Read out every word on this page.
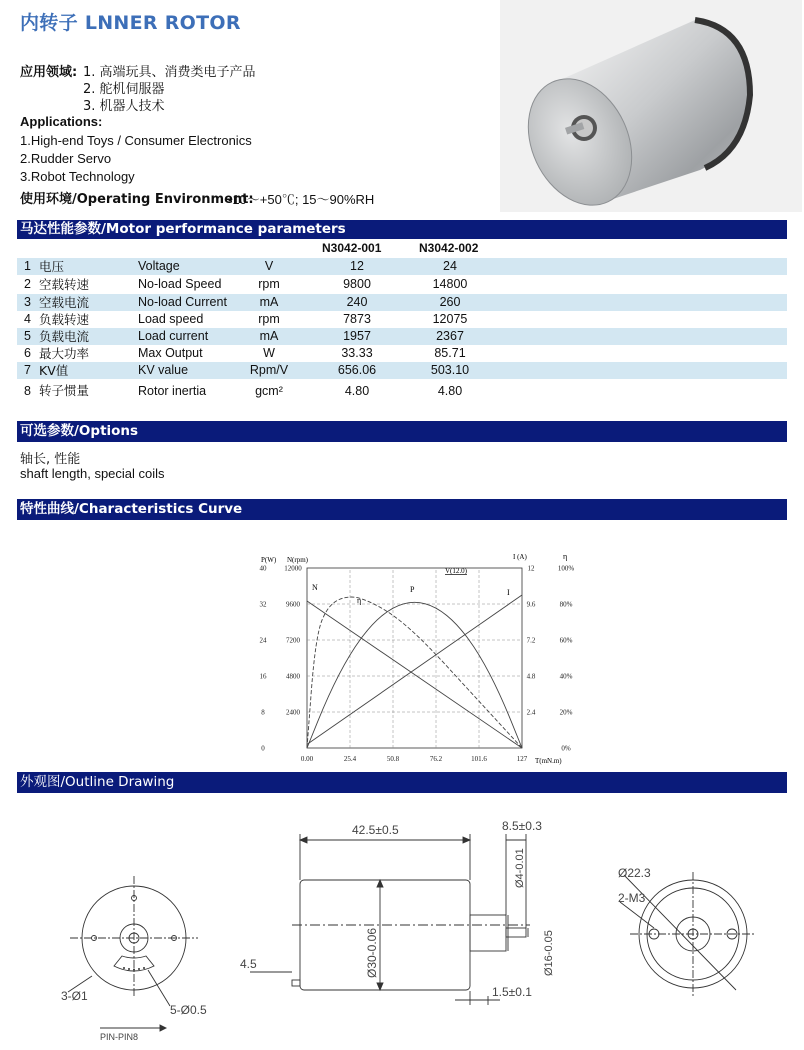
内转子 LNNER ROTOR
应用领域: 1. 高端玩具、消费类电子产品
2. 舵机伺服器
3. 机器人技术
Applications:
1.High-end Toys / Consumer Electronics
2.Rudder Servo
3.Robot Technology
使用环境/Operating Environment:
-10～+50℃; 15～90%RH
马达性能参数/Motor performance parameters
N3042-001	N3042-002
1 电压	Voltage	V	12	24
2 空载转速	No-load Speed	rpm	9800	14800
3 空载电流	No-load Current	mA	240	260
4 负载转速	Load speed	rpm	7873	12075
5 负载电流	Load current	mA	1957	2367
6 最大功率	Max Output	W	33.33	85.71
7 KV值	KV value	Rpm/V	656.06	503.10
8 转子惯量	Rotor inertia	gcm²	4.80	4.80
可选参数/Options
轴长, 性能
shaft length, special coils
特性曲线/Characteristics Curve
0
8
16
24
32
40
2400
4800
7200
9600
12000
2.4
4.8
7.2
9.6
12
0%
20%
40%
60%
80%
100%
0.00	25.4	50.8	76.2	101.6	127
P(W) N(rpm)	I (A)	η
V(12.0)
T(mN.m)
N	P	I
η
外观图/Outline Drawing
3-Ø1
5-Ø0.5
PIN-PIN8
42.5±0.5	8.5±0.3
4.5
1.5±0.1
Ø30-0.06
Ø4-0.01
Ø16-0.05
Ø22.3
2-M3
